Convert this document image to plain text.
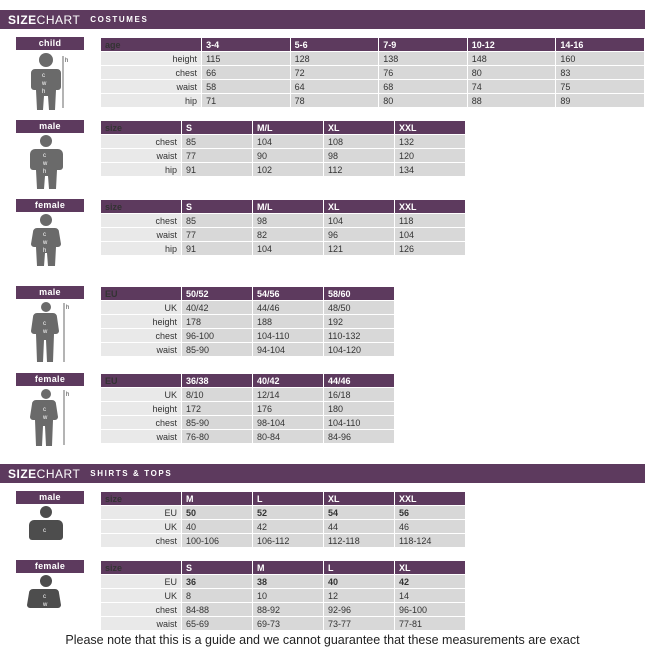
SIZE CHART	COSTUMES
child
h
c
w
h
age	3-4	5-6	7-9	10-12	14-16
height	115	128	138	148	160
chest	66	72	76	80	83
waist	58	64	68	74	75
hip	71	78	80	88	89
male
c
w
h
size	S	M/L	XL	XXL	
chest	85	104	108	132	
waist	77	90	98	120	
hip	91	102	112	134	
female
c
w
h
size	S	M/L	XL	XXL	
chest	85	98	104	118	
waist	77	82	96	104	
hip	91	104	121	126	
male
h
c
w
EU	50/52	54/56	58/60		
UK	40/42	44/46	48/50		
height	178	188	192		
chest	96-100	104-110	110-132		
waist	85-90	94-104	104-120		
female
h
c
w
EU	36/38	40/42	44/46		
UK	8/10	12/14	16/18		
height	172	176	180		
chest	85-90	98-104	104-110		
waist	76-80	80-84	84-96		
SIZE CHART	SHIRTS & TOPS
male
c
size	M	L	XL	XXL	
EU	50	52	54	56	
UK	40	42	44	46	
chest	100-106	106-112	112-118	118-124	
female
c
w
size	S	M	L	XL	
EU	36	38	40	42	
UK	8	10	12	14	
chest	84-88	88-92	92-96	96-100	
waist	65-69	69-73	73-77	77-81	
Please note that this is a guide and we cannot guarantee that these measurements are exact
